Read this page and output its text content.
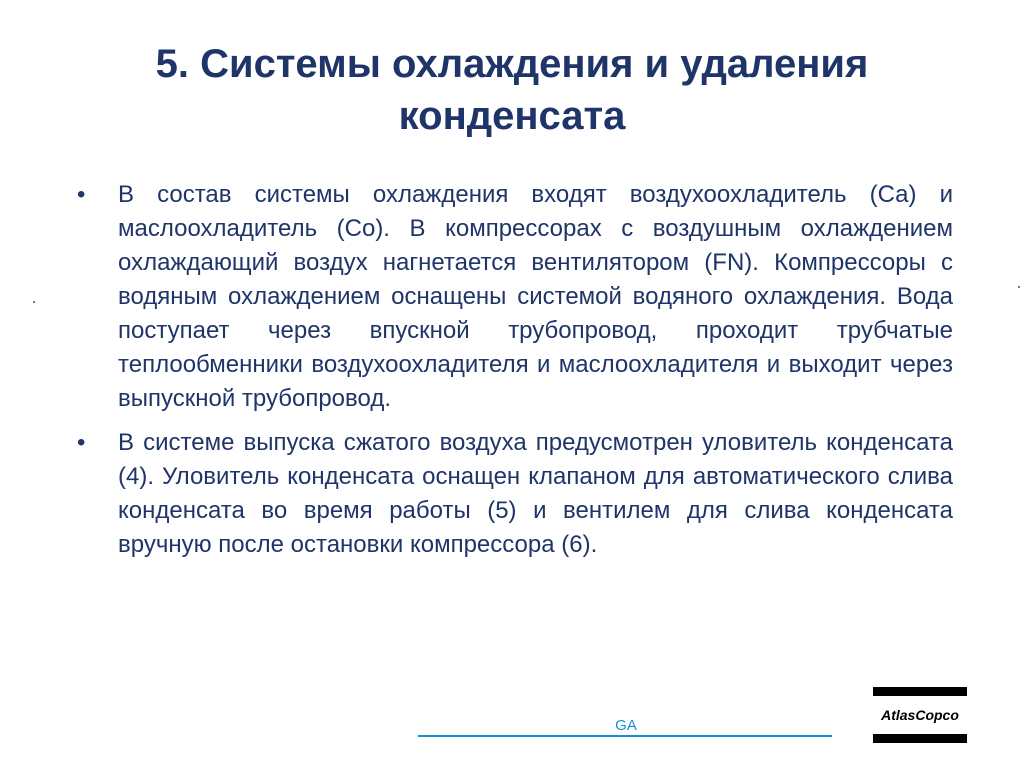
5. Системы охлаждения и удаления конденсата
• В состав системы охлаждения входят воздухоохладитель (Са) и маслоохладитель (Со). В компрессорах с воздушным охлаждением охлаждающий воздух нагнетается вентилятором (FN). Компрессоры с водяным охлаждением оснащены системой водяного охлаждения. Вода поступает через впускной трубопровод, проходит трубчатые теплообменники воздухоохладителя и маслоохладителя и выходит через выпускной трубопровод.
• В системе выпуска сжатого воздуха предусмотрен уловитель конденсата (4). Уловитель конденсата оснащен клапаном для автоматического слива конденсата во время работы (5) и вентилем для слива конденсата вручную после остановки компрессора (6).
GA
AtlasCopco
